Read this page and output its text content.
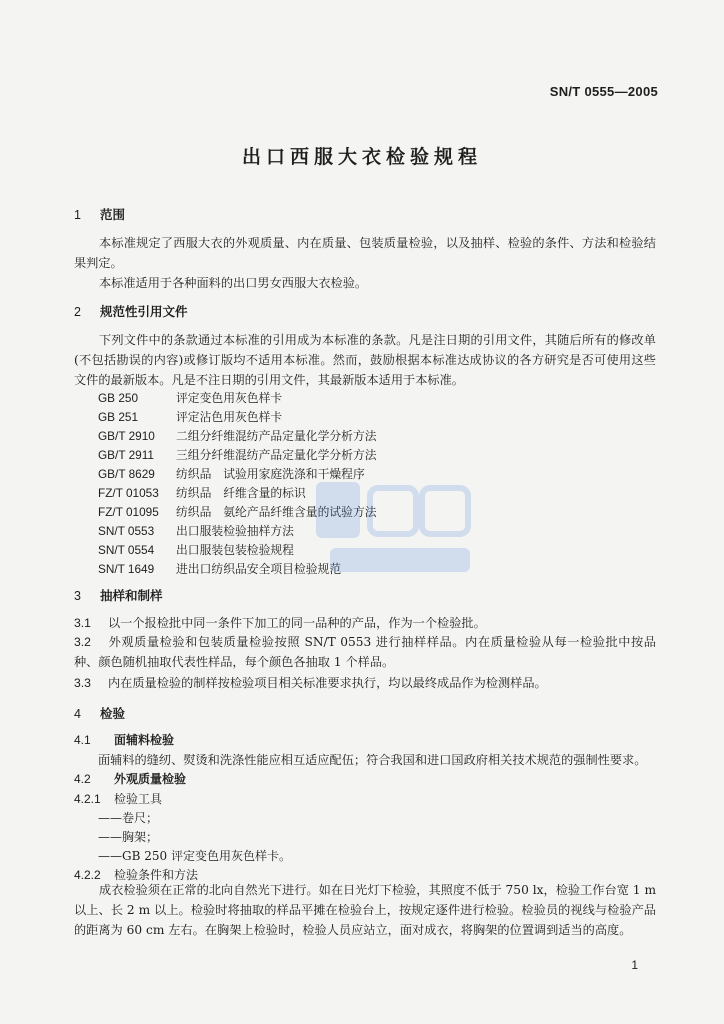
SN/T 0555—2005
出口西服大衣检验规程
1 范围
本标准规定了西服大衣的外观质量、内在质量、包装质量检验，以及抽样、检验的条件、方法和检验结果判定。
本标准适用于各种面料的出口男女西服大衣检验。
2 规范性引用文件
下列文件中的条款通过本标准的引用成为本标准的条款。凡是注日期的引用文件，其随后所有的修改单(不包括勘误的内容)或修订版均不适用本标准。然而，鼓励根据本标准达成协议的各方研究是否可使用这些文件的最新版本。凡是不注日期的引用文件，其最新版本适用于本标准。
GB 250	评定变色用灰色样卡
GB 251	评定沾色用灰色样卡
GB/T 2910 二组分纤维混纺产品定量化学分析方法
GB/T 2911 三组分纤维混纺产品定量化学分析方法
GB/T 8629 纺织品　试验用家庭洗涤和干燥程序
FZ/T 01053 纺织品　纤维含量的标识
FZ/T 01095 纺织品　氨纶产品纤维含量的试验方法
SN/T 0553 出口服装检验抽样方法
SN/T 0554 出口服装包装检验规程
SN/T 1649 进出口纺织品安全项目检验规范
3 抽样和制样
3.1 以一个报检批中同一条件下加工的同一品种的产品，作为一个检验批。
3.2 外观质量检验和包装质量检验按照 SN/T 0553 进行抽样样品。内在质量检验从每一检验批中按品种、颜色随机抽取代表性样品，每个颜色各抽取 1 个样品。
3.3 内在质量检验的制样按检验项目相关标准要求执行，均以最终成品作为检测样品。
4 检验
4.1 面辅料检验
面辅料的缝纫、熨烫和洗涤性能应相互适应配伍；符合我国和进口国政府相关技术规范的强制性要求。
4.2 外观质量检验
4.2.1 检验工具
——卷尺；
——胸架；
——GB 250 评定变色用灰色样卡。
4.2.2 检验条件和方法
成衣检验须在正常的北向自然光下进行。如在日光灯下检验，其照度不低于 750 lx，检验工作台宽 1 m 以上、长 2 m 以上。检验时将抽取的样品平摊在检验台上，按规定逐件进行检验。检验员的视线与检验产品的距离为 60 cm 左右。在胸架上检验时，检验人员应站立，面对成衣，将胸架的位置调到适当的高度。
1
